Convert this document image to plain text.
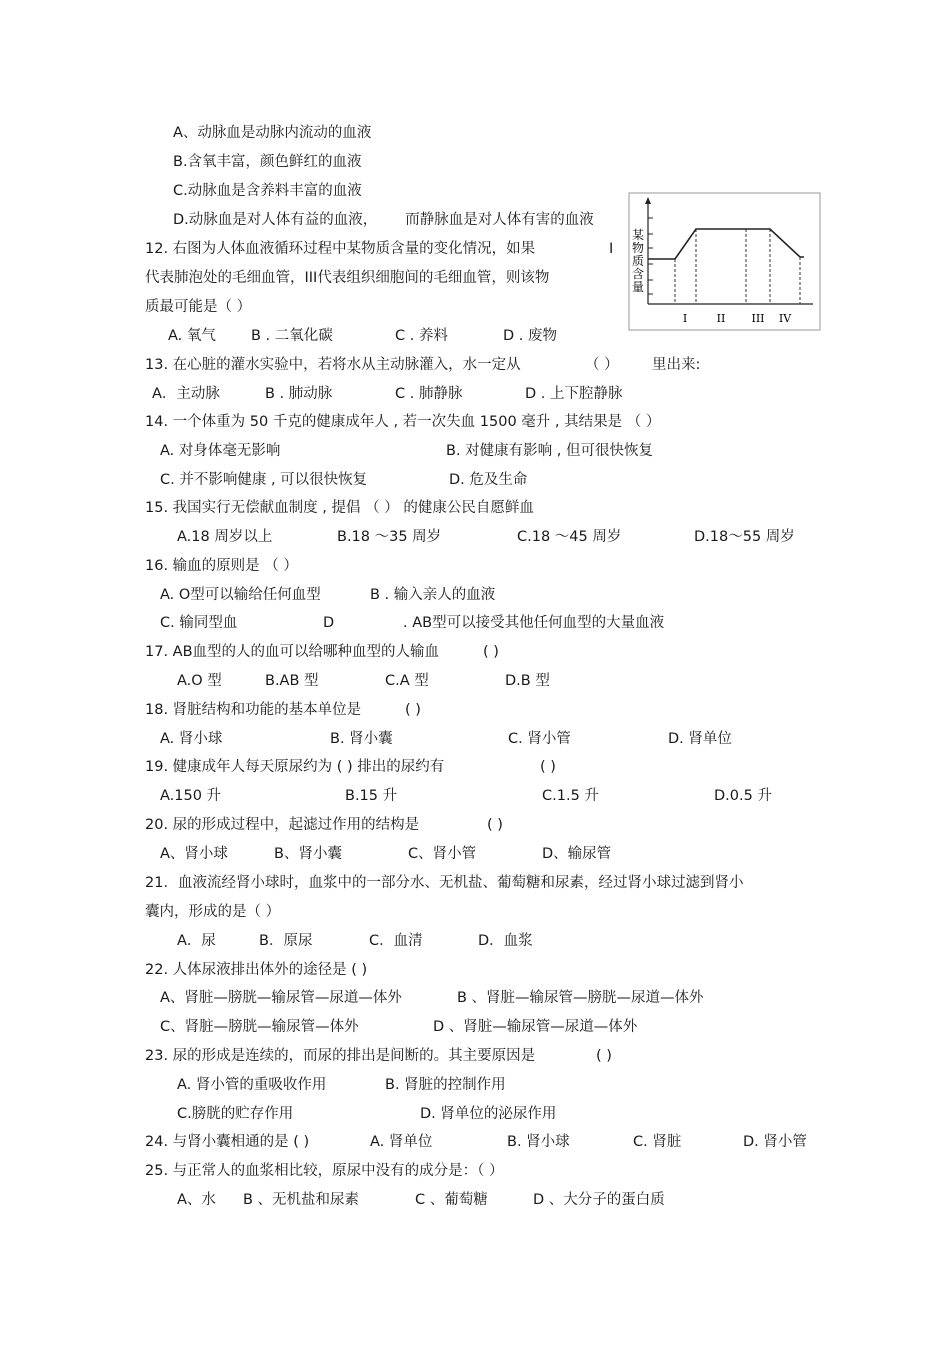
A、动脉血是动脉内流动的血液
B.含氧丰富，颜色鲜红的血液
C.动脉血是含养料丰富的血液
D.动脉血是对人体有益的血液， 而静脉血是对人体有害的血液
12. 右图为人体血液循环过程中某物质含量的变化情况，如果	I
代表肺泡处的毛细血管，III代表组织细胞间的毛细血管，则该物
质最可能是（ ）
A. 氧气 B . 二氧化碳	C . 养料	D . 废物
某
物
质
含
量
I	II III IV
13. 在心脏的灌水实验中，若将水从主动脉灌入，水一定从	（ ） 里出来:
A．主动脉	B . 肺动脉	C . 肺静脉	D . 上下腔静脉
14. 一个体重为 50 千克的健康成年人 , 若一次失血 1500 毫升 , 其结果是 （ ）
A. 对身体毫无影响	B. 对健康有影响 , 但可很快恢复
C. 并不影响健康 , 可以很快恢复	D. 危及生命
15. 我国实行无偿献血制度 , 提倡 （ ） 的健康公民自愿鲜血
A.18 周岁以上	B.18 ～35 周岁	C.18 ～45 周岁	D.18～55 周岁
16. 输血的原则是 （ ）
A. O型可以输给任何血型	B . 输入亲人的血液
C. 输同型血	D	. AB型可以接受其他任何血型的大量血液
17. AB血型的人的血可以给哪种血型的人输血	( )
A.O 型	B.AB 型	C.A 型	D.B 型
18. 肾脏结构和功能的基本单位是	( )
A. 肾小球	B. 肾小囊	C. 肾小管	D. 肾单位
19. 健康成年人每天原尿约为 ( ) 排出的尿约有	( )
A.150 升	B.15 升	C.1.5 升	D.0.5 升
20. 尿的形成过程中，起滤过作用的结构是	( )
A、肾小球	B、肾小囊	C、肾小管	D、输尿管
21．血液流经肾小球时，血浆中的一部分水、无机盐、葡萄糖和尿素，经过肾小球过滤到肾小
囊内，形成的是（ ）
A．尿	B．原尿	C．血清	D．血浆
22. 人体尿液排出体外的途径是 ( )
A、肾脏—膀胱—输尿管—尿道—体外	B 、肾脏—输尿管—膀胱—尿道—体外
C、肾脏—膀胱—输尿管—体外	D 、肾脏—输尿管—尿道—体外
23. 尿的形成是连续的，而尿的排出是间断的。其主要原因是	( )
A. 肾小管的重吸收作用	B. 肾脏的控制作用
C.膀胱的贮存作用	D. 肾单位的泌尿作用
24. 与肾小囊相通的是 ( )	A. 肾单位	B. 肾小球	C. 肾脏	D. 肾小管
25. 与正常人的血浆相比较，原尿中没有的成分是：（ ）
A、水 B 、无机盐和尿素	C 、葡萄糖	D 、大分子的蛋白质
